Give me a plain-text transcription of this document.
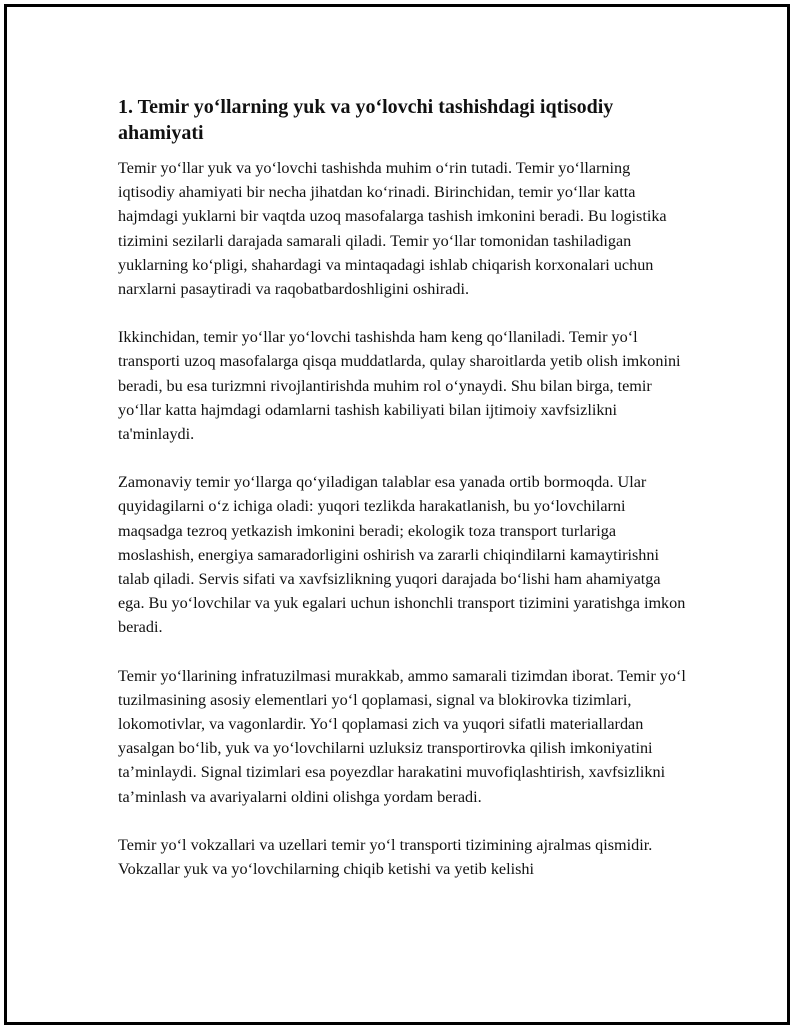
1. Temir yo‘llarning yuk va yo‘lovchi tashishdagi iqtisodiy ahamiyati

Temir yo‘llar yuk va yo‘lovchi tashishda muhim o‘rin tutadi. Temir yo‘llarning iqtisodiy ahamiyati bir necha jihatdan ko‘rinadi. Birinchidan, temir yo‘llar katta hajmdagi yuklarni bir vaqtda uzoq masofalarga tashish imkonini beradi. Bu logistika tizimini sezilarli darajada samarali qiladi. Temir yo‘llar tomonidan tashiladigan yuklarning ko‘pligi, shahardagi va mintaqadagi ishlab chiqarish korxonalari uchun narxlarni pasaytiradi va raqobatbardoshligini oshiradi.

Ikkinchidan, temir yo‘llar yo‘lovchi tashishda ham keng qo‘llaniladi. Temir yo‘l transporti uzoq masofalarga qisqa muddatlarda, qulay sharoitlarda yetib olish imkonini beradi, bu esa turizmni rivojlantirishda muhim rol o‘ynaydi. Shu bilan birga, temir yo‘llar katta hajmdagi odamlarni tashish kabiliyati bilan ijtimoiy xavfsizlikni ta'minlaydi.

Zamonaviy temir yo‘llarga qo‘yiladigan talablar esa yanada ortib bormoqda. Ular quyidagilarni o‘z ichiga oladi: yuqori tezlikda harakatlanish, bu yo‘lovchilarni maqsadga tezroq yetkazish imkonini beradi; ekologik toza transport turlariga moslashish, energiya samaradorligini oshirish va zararli chiqindilarni kamaytirishni talab qiladi. Servis sifati va xavfsizlikning yuqori darajada bo‘lishi ham ahamiyatga ega. Bu yo‘lovchilar va yuk egalari uchun ishonchli transport tizimini yaratishga imkon beradi.

Temir yo‘llarining infratuzilmasi murakkab, ammo samarali tizimdan iborat. Temir yo‘l tuzilmasining asosiy elementlari yo‘l qoplamasi, signal va blokirovka tizimlari, lokomotivlar, va vagonlardir. Yo‘l qoplamasi zich va yuqori sifatli materiallardan yasalgan bo‘lib, yuk va yo‘lovchilarni uzluksiz transportirovka qilish imkoniyatini ta’minlaydi. Signal tizimlari esa poyezdlar harakatini muvofiqlashtirish, xavfsizlikni ta’minlash va avariyalarni oldini olishga yordam beradi.

Temir yo‘l vokzallari va uzellari temir yo‘l transporti tizimining ajralmas qismidir. Vokzallar yuk va yo‘lovchilarning chiqib ketishi va yetib kelishi
